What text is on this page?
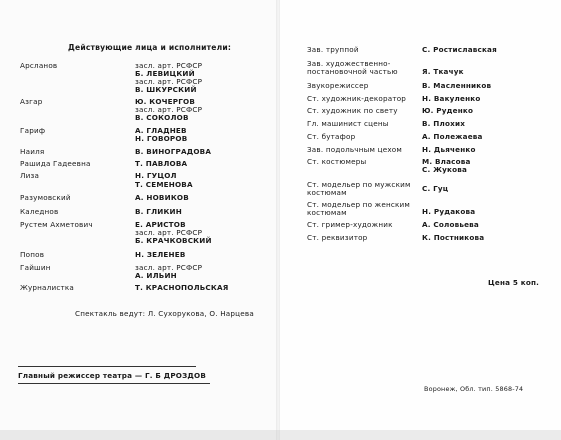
Действующие лица и исполнители:
Арсланов	засл. арт. РСФСР
Б. ЛЕВИЦКИЙ
засл. арт. РСФСР
В. ШКУРСКИЙ
Азгар	Ю. КОЧЕРГОВ
засл. арт. РСФСР
В. СОКОЛОВ
Гариф	А. ГЛАДНЕВ
Н. ГОВОРОВ
Наиля	В. ВИНОГРАДОВА
Рашида Гадеевна	Т. ПАВЛОВА
Лиза	Н. ГУЦОЛ
Т. СЕМЕНОВА
Разумовский	А. НОВИКОВ
Каледнов	В. ГЛИКИН
Рустем Ахметович	Е. АРИСТОВ
засл. арт. РСФСР
Б. КРАЧКОВСКИЙ
Попов	Н. ЗЕЛЕНЕВ
Гайшин	засл. арт. РСФСР
А. ИЛЬИН
Журналистка	Т. КРАСНОПОЛЬСКАЯ
Спектакль ведут: Л. Сухорукова, О. Нарцева
Главный режиссер театра — Г. Б ДРОЗДОВ
Зав. труппой	С. Ростиславская
Зав. художественно-постановочной частью	Я. Ткачук
Звукорежиссер	В. Масленников
Ст. художник-декоратор Н. Вакуленко
Ст. художник по свету	Ю. Руденко
Гл. машинист сцены	В. Плохих
Ст. бутафор	А. Полежаева
Зав. подольчным цехом	Н. Дьяченко
Ст. костюмеры	М. Власова
С. Жукова
Ст. модельер по мужским костюмам	С. Гуц
Ст. модельер по женским костюмам	Н. Рудакова
Ст. гример-художник	А. Соловьева
Ст. реквизитор	К. Постникова
Цена 5 коп.
Воронеж, Обл. тип. 5868-74
